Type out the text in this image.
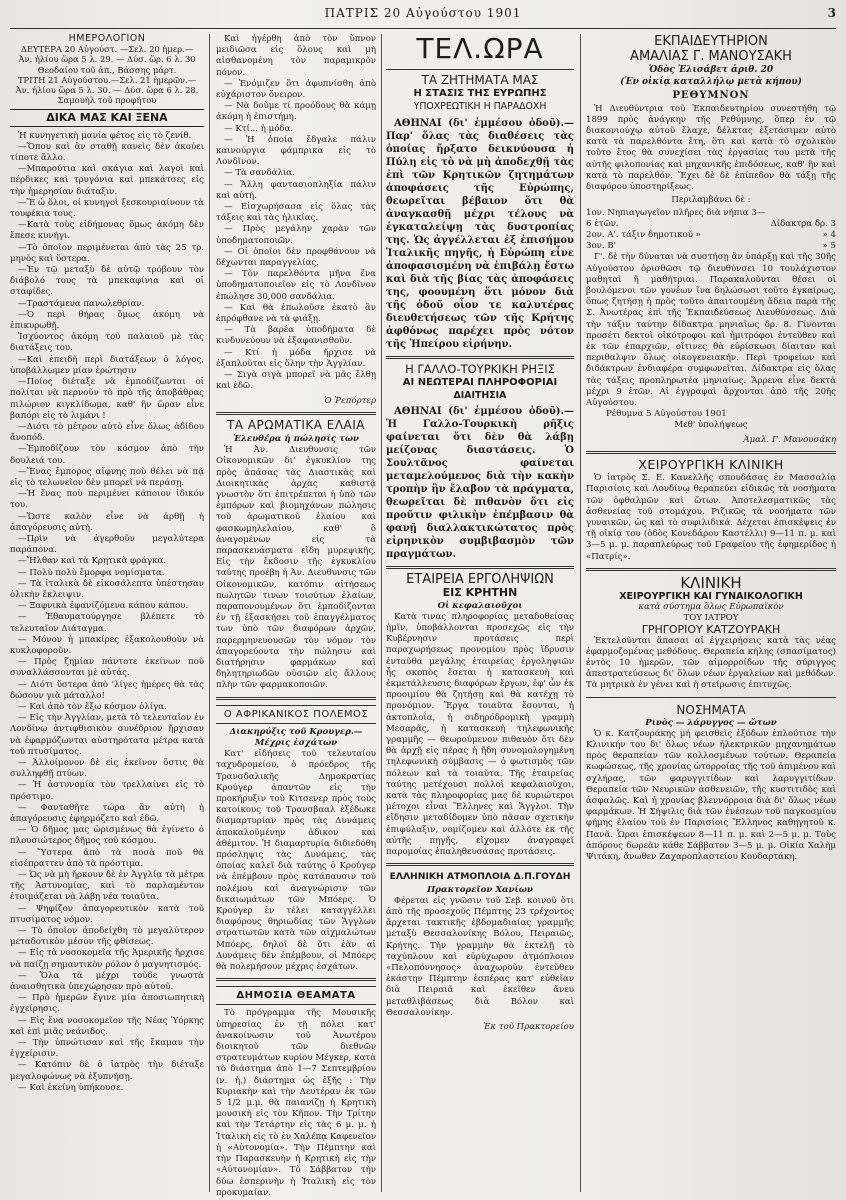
ΠΑΤΡΙΣ 20 Αὐγούστου 1901	3
ΗΜΕΡΟΛΟΓΙΟΝ
ΔΕΥΤΕΡΑ 20 Αὐγούστ. —Σελ. 20 ἡμερ.—
Ἀν. ἡλίου ὥρα 5 λ. 29. — Δύσ. ὥρ. 6 λ. 30
Θεοδαίου τοῦ ἀπ., Βάσσης μάρτ.
ΤΡΙΤΗ 21 Αὐγούστου.—Σελ. 21 ἡμερῶν.—
Ἀν. ἡλίου ὥρα 5 λ. 30. — Δύσ. ὥρα 6 λ. 28.
Σαμουὴλ τοῦ προφήτου
ΔΙΚΑ ΜΑΣ ΚΑΙ ΞΕΝΑ

Ἡ κυνηγετικὴ μανία φέτος εἰς τὸ ζενίθ.

—Ὅπου καὶ ἂν σταθῇ κανεὶς δὲν ἀκούει τίποτε ἄλλο.

—Μπαρούτια καὶ σκάγια καὶ λαγοὶ καὶ πέρδικες καὶ τρυγόνια καὶ μπεκάτσες εἰς τὴν ἡμερησίαν διάταξιν.

—Ἔ ὡ ὅλοι, οἱ κυνηγοὶ ξεσκουριαίνουν τὰ τουφέκια τους.

—Κατὰ τοὺς εἰδήμονας ὅμως ἀκόμη δὲν ἔπεσε κυνήγι.

—Τὸ ὁποῖον περιμένεται ἀπὸ τὰς 25 τρ. μηνὸς καὶ ὕστερα.

—Ἐν τῷ μεταξὺ δὲ αὐτῷ τρόβουν τὸν διάβολό τους τὰ μπεκαφίνια καὶ οἱ σταφίδες.

—Τραστάμενα πανωλεθρίαν.

—Ὁ περὶ θήρας ὅμως ἀκόμη νὰ ἐπικυρωθῇ.

Ἰσχύοντος ἀκόμη τοῦ παλαιοῦ μὲ τὰς διατάξεις του.

—Καὶ ἐπειδὴ περὶ διατάξεων ὁ λόγος, ὑποβάλλωμεν μίαν ἐρώτησιν

—Ποίος διέταξε νὰ ἐμποδίζωνται οἱ πολίται νὰ περνοῦν τὸ πρὸ τῆς ἀποβάθρας πιλώριον κιγκλίδωμα, καθ' ἣν ὥραν εἶνε βαπόρι εἰς τὸ λιμάνι !

—Διότι τὸ μέτρον αὐτὸ εἶνε ὅλως ἀδίδου ἄνοπόδ.

—Ἐμποδίζουν τὸν κόσμον ἀπὸ τὴν δουλειά του.

—Ἕνας ἔμπορος αἴφνης ποὺ θέλει νὰ πᾷ εἰς τὸ τελωνεῖον δὲν μπορεῖ νὰ περάσῃ.

—Ἡ ἕνας ποὺ περιμένει κάποιον ἰδικόν του.

—Ὥστε καλὸν εἶνε νὰ ἀρθῇ ἡ ἀπαγόρευσις αὐτή.

—Πρὶν νὰ ἀγερθοῦν μεγαλύτερα παράπονα.

—Ἤλθαν καὶ τὰ Κρητικὰ φράγκα.

— Πολὺ πολὺ ἔμορφα νομίσματα.

— Τὰ ἰταλικὰ δὲ εἰκοσάλεπτα ὑπέστησαν ὁλικὴν ἔκλειψιν.

— Ξαφνικὰ ἐφανίζόμενα κάπου κάπου.

— Ἐθαυματούργησε βλέπετε τὸ τελευταῖον Διάταγμα.

— Μόνον ἡ μπακίρες ἐξακολουθοῦν νὰ κυκλοφοροῦν.

— Πρὸς ζημίαν πάντοτε ἐκείνων ποῦ συναλλάσσονται μὲ αὐτάς.

— Διότι ὕστερα ἀπὸ 'λίγες ἡμέρες θὰ τὰς δώσουν γιὰ μάταλλο!

— Καὶ ἀπὸ τὸν ἔξω κόσμον ὀλίγα.

— Εἰς τὴν Ἀγγλίαν, μετὰ τὸ τελευταῖον ἐν Λονδίνῳ ἀντιφθισικὸν συνέδριον ἤρχισαν νὰ ἐφαρμόζωνται αὐστηρότατα μέτρα κατὰ τοῦ πτυσίματος.

— Ἀλλοίμονον δὲ εἰς ἐκεῖνον ὅστις θὰ συλληφθῇ πτύων.

— Ἡ ἀστυνομία τὸν τρελλαίνει εἰς τὸ πρόστιμο.

— Φανταθῆτε τώρα ἂν αὐτὴ ἡ ἀπαγόρευσις ἐφηρμόζετο καὶ ἐδῶ.

— Ὁ δῆμος μας ὡρισμένως θὰ ἐγίνετο ὁ πλουσιώτερος δῆμος τοῦ κόσμου.

— Ὕστερα ἀπὸ τὰ ποσὰ ποῦ θὰ εἰσέπραττεν ἀπὸ τὰ πρόστιμα.

— Ὡς νὰ μὴ ἤρκουν δὲ ἐν Ἀγγλίᾳ τὰ μέτρα τῆς Ἀστυνομίας, καὶ τὸ παρλαμέντον ἑτοιμάζεται νὰ λάβῃ νέα τοιαῦτα.

— Ψηφίζον ἀπαγορευτικὸν κατὰ τοῦ πτυσίματος νόμον.

— Τὸ ὁποῖον ἀποδείχθη τὸ μεγαλύτερον μεταδοτικὸν μέσον τῆς φθίσεως.

— Εἰς τὰ νοσοκομεῖα τῆς Ἀμερικῆς ἤρχισε νὰ παίζῃ σημαντικὸν ρόλον ὁ μαγνητισμός.

— Ὅλα τὰ μέχρι τοῦδε γνωστὰ ἀναισθητικὰ ὑπεχώρησαν πρὸ αὐτοῦ.

— Πρὸ ἡμερῶν ἔγινε μία ἀποσιωπητικὴ ἐγχείρησις.

— Εἰς ἕνα νοσοκομεῖον τῆς Νέας Ὑόρκης καὶ ἐπὶ μιᾶς νεάνιδος.

— Τὴν ὑπνώτισαν καὶ τῆς ἔκαμαν τὴν ἐγχείρισιν.

— Κατόπιν δὲ ὁ ἰατρὸς τὴν διέταξε μεγαλοφώνως νὰ ἐξυπνήσῃ.

— Καὶ ἐκείνη ὑπήκουσε.

Καὶ ἠγέρθη ἀπὸ τὸν ὕπνον μειδιῶσα εἰς ὅλους καὶ μὴ αἰσθανομένη τὸν παραμικρὸν πόνον.

— Ἐνόμιζεν ὅτι ἀφυπνίσθη ἀπὸ εὐχάριστον ὄνειρον.

— Νὰ δοῦμε τί προόδους θὰ κάμῃ ἀκόμη ἡ ἐπιστήμη.

— Κτί... ἡ μόδα.

— Ἡ ὁποία ἔδγαλε πάλιν καινούργια φάμπρικα εἰς τὸ Λονδῖνον.

— Τὰ σανδάλια.

— Ἄλλη φαντασιοπληξία πάλιν καὶ αὐτή.

— Εἰσχωρήσασα εἰς ὅλας τὰς τάξεις καὶ τὰς ἡλικίας.

— Πρὸς μεγάλην χαρὰν τῶν ὑποδηματοποιῶν.

— Οἱ ὁποῖοι δὲν προφθάνουν νὰ δέχωνται παραγγελίας.

— Τὸν παρελθόντα μῆνα ἕνα ὑποδηματοποιεῖον εἰς τὸ Λονδῖνον ἐπώλησε 30,000 σανδάλια.

— Καὶ θὰ ἐπωλοῦσε ἑκατὸ ἂν ἐπρόφθανε νὰ τὰ φιάξῃ.

— Τὰ βαρέα ὑποδήματα δὲ κινδυνεύουν νὰ ἐξαφανισθοῦν.

— Κτί ἡ μόδα ἤρχισε νὰ ἐξαπλοῦται εἰς ὅλην τὴν Ἀγγλίαν.

— Σιγὰ σιγὰ μπορεῖ νὰ μᾶς ἔλθῃ καὶ ἐδῶ.

Ὁ Ῥεπόρτερ
ΤΑ ΑΡΩΜΑΤΙΚΑ ΕΛΑΙΑ
Ἐλευθέρα ἡ πώλησίς των

Ἡ Ἀν. Διευθυνσις τῶν Οἰκονομικῶν δι' ἐγκυκλίου της πρὸς ἁπάσας τὰς Διαστικὰς καὶ Διοικητικὰς ἀρχὰς καθιστᾷ γνωστὸν ὅτι ἐπιτρέπεται ἡ ὑπὸ τῶν ἐμπόρων καὶ βιομηχάνων πώλησις τοῦ ἀρωματικοῦ ἐλαίου καὶ φασκωμηλελαίου, καθ' ὃ ἀναγομένων εἰς τὰ παρασκευάσματα εἴδη μυρεψικῆς. Εἰς τὴν ἔκδοσιν τῆς ἐγκυκλίου ταύτης προέβη ἡ Ἀν. Διευθυνσις τῶν Οἰκονομικῶν, κατόπιν αἰτήσεως πωλητῶν τινων τοιούτων ἐλαίων, παραπονουμένων ὅτι ἐμποδίζονται ἐν τῇ ἐξασκήσει τοῦ ἐπαγγέλματος των ὑπὸ τῶν διαφόρων ἀρχῶν, παρερμηνευουσῶν τὸν νόμον τὸν ἀπαγορεύοντα τὴν πώλησιν καὶ διατήρησιν φαρμάκων καὶ δηλητηριωδῶν οὐσιῶν εἰς ἄλλους πλὴν τῶν φαρμακοποιῶν.

Ο ΑΦΡΙΚΑΝΙΚΟΣ ΠΟΛΕΜΟΣ
Διακηρύξις τοῦ Κρουγερ.— Μέχρις ἐσχάτων

Κατ' εἰδήσεις τοῦ τελευταίου ταχυδρομείου, ὁ πρόεδρος τῆς Τρανσδαλικῆς Δημοκρατίας Κρούγερ ἀπαντῶν εἰς τὴν προκήρυξιν τοῦ Κιτσενερ πρὸς τοὺς κατοίκους τοῦ Τρανσβααλ ἐξέδωκε διαμαρτυρίαν πρὸς τὰς Δυνάμεις ἀποκαλοῦμένην ἀδικον καὶ ἀθέμιτον. Ἡ διαμαρτυρία διδιεδόθη πρόσληψις τὰς Δυνάμεις, τὰς ὁποίας καλεῖ διὰ ταύτης ὁ Κρούγερ νὰ ἐπέμβουν πρὸς κατάπαυσιν τοῦ πολέμου καὶ ἀναγνώρισιν τῶν δικαιωμάτων τῶν Μπόερς. Ὁ Κρούγερ ἐν τέλει καταγγέλλει διαφόρους θηριωδίας τῶν Ἄγγλων στρατιωτῶν κατὰ τῶν αἰχμαλώτων Μπόερς, δηλοῖ δὲ ὅτι ἐὰν αἱ Δυνάμεις δὲν ἐπέμβουν, οἱ Μπόερς θὰ πολεμήσουν μέχρις ἐσχάτων.

ΔΗΜΟΣΙΑ ΘΕΑΜΑΤΑ

Τὸ πρόγραμμα τῆς Μουσικῆς ὑπηρεσίας ἐν τῇ πόλει κατ' ἀνακοίνωσιν τοῦ Ἀνωτέρου διοικητοῦ τῶν διεθνῶν στρατευμάτων κυρίου Μέγκερ, κατὰ τὸ διάστημα ἀπὸ 1—7 Σεπτεμβρίου (ν. ἡ.) διάστημα ὡς ἐξῆς : Τὴν Κυριακὴν καὶ τὴν Δευτέραν ἐκ τῶν 5 1/2 μ.μ. θὰ παιανίζῃ ἡ Κρητικὴ μουσικὴ εἰς τὸν Κῆπον. Τὴν Τρίτην καὶ τὴν Τετάρτην εἰς τὰς 6 μ. μ. ἡ Ἰταλικὴ εἰς τὸ ἐν Χαλέπᾳ Καφενεῖον ἡ «Αὐτονομία». Τὴν Πέμπτην καὶ τὴν Παρασκευὴν ἡ Κρητικὴ εἰς τὴν «Αὐτονομίαν». Τὸ Σάββατον τὴν δύω ἑσπερινὴν ἡ Ἰταλικὴ εἰς τὸν προκυμαίαν.

ΤΕΛ.ΩΡΑ
ΤΑ ΖΗΤΗΜΑΤΑ ΜΑΣ
Η ΣΤΑΣΙΣ ΤΗΣ ΕΥΡΩΠΗΣ
ΥΠΟΧΡΕΩΤΙΚΗ Η ΠΑΡΑΔΟΧΗ

ΑΘΗΝΑΙ (δι' ἐμμέσου ὁδοῦ).— Παρ' ὅλας τὰς διαθέσεις τὰς ὁποίας ἤρξατο δεικνύουσα ἡ Πύλη εἰς τὸ νὰ μὴ ἀποδεχθῇ τὰς ἐπὶ τῶν Κρητικῶν ζητημάτων ἀποφάσεις τῆς Εὐρώπης, θεωρεῖται βέβαιον ὅτι θὰ ἀναγκασθῇ μέχρι τέλους νὰ ἐγκαταλείψῃ τὰς δυστροπίας της. Ὡς ἀγγέλλεται ἐξ ἐπισήμου Ἰταλικῆς πηγῆς, ἡ Εὐρώπη εἶνε ἀποφασισμένη νὰ ἐπιβάλῃ ἔστω καὶ διὰ τῆς βίας τὰς ἀποφάσεις της, φοουμένη ὅτι μόνον διὰ τῆς ὁδοῦ οἷον τε καλυτέρας διευθετήσεως τῶν τῆς Κρήτης ἀφθόνως παρέχει πρὸς νότον τῆς Ἠπείρου εἰρήνην.

Η ΓΑΛΛΟ-ΤΟΥΡΚΙΚΗ ΡΗΞΙΣ
ΑΙ ΝΕΩΤΕΡΑΙ ΠΛΗΡΟΦΟΡΙΑΙ
ΔΙΑΙΤΗΣΙΑ

ΑΘΗΝΑΙ (δι' ἐμμέσου ὁδοῦ).— Ἡ Γαλλο-Τουρκικὴ ρῆξις φαίνεται ὅτι δὲν θὰ λάβῃ μείζονας διαστάσεις. Ὁ Σουλτᾶνος φαίνεται μεταμελούμενος διὰ τὴν κακὴν τροπὴν ἣν ἔλαβον τὰ πράγματα, θεωρεῖται δὲ πιθανὸν ὅτι εἰς προῦτιν φιλικὴν ἐπέμβασιν θὰ φανῇ διαλλακτικώτατος πρὸς εἰρηνικὸν συμβιβασμὸν τῶν πραγμάτων.

ΕΤΑΙΡΕΙΑ ΕΡΓΟΛΗΨΙΩΝ
ΕΙΣ ΚΡΗΤΗΝ
Οἱ κεφαλαιοῦχοι

Κατὰ τινας πληροφορίας μεταδοθείσας ἡμῖν, ὑποβάλλονται προσεχῶς εἰς τὴν Κυβέρνησιν προτάσεις περὶ παραχωρήσεως προνομίου πρὸς ἵδρυσιν ἐνταῦθα μεγάλης ἑταιρείας ἐργοληψιῶν ἧς σκοπὸς ἔσεται ἡ κατασκευὴ καὶ ἐκμετάλλευσις διαφόρων ἔργων, ἐφ' ὧν ἐκ προοιμίου θὰ ζητήσῃ καὶ θὰ κατέχῃ τὸ προνόμιον. Ἔργα τοιαῦτα ἔσονται, ἡ ἀκτοπλοΐα, ἡ σιδηρόδρομικὴ γραμμὴ Μεσαρᾶς, ἡ κατασκευὴ τηλεφωνικῆς γραμμῆς — θεωρούμενον πιθανὸν ὅτι δὲν θὰ ἀρχῇ εἰς πέρας ἡ ἤδη συνομολογημένη τηλεφωνικὴ σύμβασις — ὁ φωτισμὸς τῶν πόλεων καὶ τὰ τοιαῦτα. Τῆς ἑταιρείας ταύτης μετέχουσι πολλοὶ κεφαλαιοῦχοι, κατὰ τὰς πληροφορίας μας δὲ κυριώτεροι μέτοχοι εἶναι Ἕλληνες καὶ Ἄγγλοι. Τὴν εἴδησιν μεταδίδομεν ὑπὸ πᾶσαν σχετικὴν ἐπιφύλαξιν, νομίζομεν καὶ ἀλλότε ἐκ τῆς αὐτῆς πηγῆς, εἴχομεν ἀναγραφεῖ παρομοίας ἐπαληθευσάσας προτάσεις.

ΕΛΛΗΝΙΚΗ ΑΤΜΟΠΛΟΙΑ Δ.Π.ΓΟΥΔΗ
Πρακτορεῖον Χανίων

Φέρεται εἰς γνῶσιν τοῦ Σεβ. κοινοῦ ὅτι ἀπὸ τῆς προσεχοῦς Πέμπτης 23 τρέχοντος ἄρχεται τακτικῆς ἑβδομαδιαίας γραμμῆς μεταξὺ Θεσσαλονίκης Βόλου, Πειραιῶς, Κρήτης. Τὴν γραμμὴν θὰ ἐκτελῇ τὸ ταχύπλουν καὶ εὐρύχωρον ἀτμόπλοιον «Πελοπόννησος» ἀναχωροῦν ἐντεῦθεν ἑκάστην Πέμπτην ἑσπέρας κατ' εὐθεῖαν διὰ Πειραιᾶ καὶ ἐκεῖθεν ἄνευ μεταθλιβάσεως διὰ Βόλον καὶ Θεσσαλονίκην.

Ἐκ τοῦ Πρακτορείου
ΕΚΠΑΙΔΕΥΤΗΡΙΟΝ
ΑΜΑΛΙΑΣ Γ. ΜΑΝΟΥΣΑΚΗ
Ὁδὸς Ἐλισάβετ ἀριθ. 20
(Ἐν οἰκίᾳ καταλλήλῳ μετὰ κήπου)
ΡΕΘΥΜΝΟΝ

Ἡ Διευθύντρια τοῦ Ἐκπαιδευτηρίου συνεστήθη τῷ 1899 πρὸς ἀνάγκην τῆς Ρεθύμνης, ὅπερ ἐν τῷ διακονιούχῳ αὐτοῦ ἔλαχε, δέλκτας ἐξετάσιμεν αὐτὸ κατὰ τὰ παρελθόντα ἔτη, ὅτι καὶ κατὰ τὸ σχολικὸν τοῦτο ἔτος θὰ συνεχίσει τὰς ἐργασίας του μετὰ τῆς αὐτῆς φιλοπονίας καὶ μηχανικῆς ἐπιδόσεως, καθ' ἣν καὶ κατὰ τὸ παρελθόν. Ἔχει δὲ δὲ ἐπίπεδον θὰ τάξῃ τῆς διαφόρου ὑποστηρίξεως.

Περιλαμβάνει δὲ :
1ον. Νηπιαγωγεῖον πλῆρες διὰ νήπια 3—
6 ἐτῶν.	Δίδακτρα δρ. 3
2ον. Α'. τάξιν δημοτικοῦ »	» 4
3ον. Β'	» 5

Γ'. δὲ τὴν δύναται νὰ συστήσῃ ἂν ὑπάρξῃ καὶ τῆς 30ῆς Αὐγούστου ὁρισθῶσι τῷ διευθύνσει 10 τουλάχιστον μαθηταὶ ἢ μαθήτριαι. Παρακαλοῦνται θέσει οἱ βουλόμενοι τῶν γονέων ἵνα δηλώσωσι τοῦτο ἐγκαίρως, ὅπως ζητήσῃ ἡ πρὸς τοῦτο ἀπαιτουμένη ἄδεια παρὰ τῆς Σ. Ἀνωτέρας ἐπὶ τῆς Ἐκπαιδεύσεως Διευθύνσεως. Διὰ τὴν τάξιν ταύτην δίδακτρα μηνιαῖως δρ. 8. Γίνονται προσέτι δεκτοὶ οἰκότροφοι καὶ ἡμιτρόφοι ἐντεῦθεν καὶ ἐκ τῶν ἐπαρχιῶν, οἵτινες θὰ εὑρίσκωσι δίαιταν καὶ περιθαλψιν ὅλως οἰκογενειακήν. Περὶ τροφείων καὶ διδάκτρων ἐνδιαφέρα συμφωνεῖται. Δίδακτρα εἰς ὅλας τὰς τάξεις προπληρωτέα μηνιαίως. Ἄρρενα εἶνε δεκτὰ μέχρι 9 ἐτῶν. Αἱ ἐγγραφαὶ ἄρχονται ἀπὸ τῆς 20ῆς Αὐγούστου.

Ρέθυμνα 5 Αὐγούστου 1901
Μεθ' ὑπολήψεως
Ἀμαλ. Γ. Μανουσάκη
ΧΕΙΡΟΥΡΓΙΚΗ ΚΛΙΝΙΚΗ

Ὁ ἰατρὸς Σ. Ε. Κανελλῆς σπουδάσας ἐν Μασσαλίᾳ Παρισίοις καὶ Λονδίνῳ θεραπεύει εἰδικῶς τὰ νοσήματα τῶν ὀφθαλμῶν καὶ ὤτων. Ἀποτελεσματικῶς τὰς ἀσθενείας τοῦ στομάχου. Ριζικῶς τὰ νοσήματα τῶν γυναικῶν, ὡς καὶ τὸ συφιλιδικά. Δέχεται ἐπισκέψεις ἐν τῇ οἰκίᾳ του (ὁδὸς Κονεδάρου Καστέλλι) 9—11 π. μ. καὶ 3—5 μ. μ. παραπλεύρως τοῦ Γραφείου τῆς ἐφημερίδος ἡ «Πατρίς».

ΚΛΙΝΙΚΗ
ΧΕΙΡΟΥΡΓΙΚΗ ΚΑΙ ΓΥΝΑΙΚΟΛΟΓΙΚΗ
κατὰ σύστημα ὅλως Εὐρωπαϊκὸν
ΤΟΥ ΙΑΤΡΟΥ
ΓΡΗΓΟΡΙΟΥ ΚΑΤΖΟΥΡΑΚΗ

Ἐκτελοῦνται ἅπασαι αἱ ἐγχειρήσεις κατὰ τὰς νέας ἐφαρμοζομένας μεθόδους. Θεραπεία κήλης (σπασίματος) ἐντὸς 10 ἡμερῶν, τῶν αἱμορροίδων τῆς σύριγγος ἀπεστρατεύσεως δι' ὅλων νέων ἐργαλείων καὶ μεθόδων. Τὰ μητρικὰ ἐν γένει καὶ ἡ στείρωσις ἐπιτυχῶς.

ΝΟΣΗΜΑΤΑ
Ρινὸς — λάρυγγος — ὤτων

Ὁ κ. Κατζουράκης μή φεισθεὶς ἐξόδων ἐπλούτισε τὴν Κλινικήν του δι' ὅλως νέων ἠλεκτρικῶν μηχανημάτων πρὸς θεραπείαν τῶν κολλοσμένων τούτων. Θεραπεία κωφώσεως, τῆς χρονίας ὠτορροίας τῆς τοῦ ἀπιμένου καὶ σχλήρας, τῶν φαρυγγιτίδων καὶ λαρυγγιτίδων. Θεραπεία τῶν Νευρικῶν ἀσθενειῶν, τῆς κυστιτιδὸς καὶ ἀσφαλῶς. Καὶ ἡ χρονίας βλεννόρροια διὰ δι' ὅλως νέων φαρμάκων. Ἡ Σήψιλις διὰ τῶν ἐνέσεων τοῦ παγκοσμίου φήμης ἐλαίου τοῦ ἐν Παρισίοις Ἕλληνος καθηγητοῦ κ. Πανᾶ. Ὧραι ἐπισκέψεων 8—11 π. μ. καὶ 2—5 μ. μ. Τοὺς ἀπόρους δωρεὰν κάθε Σάββατον 3—5 μ. μ. Οἰκία Χαλὴμ Ψιτάκη, ἄνωθεν Ζαχαροπλαστείου Κουδαρτάκη.
